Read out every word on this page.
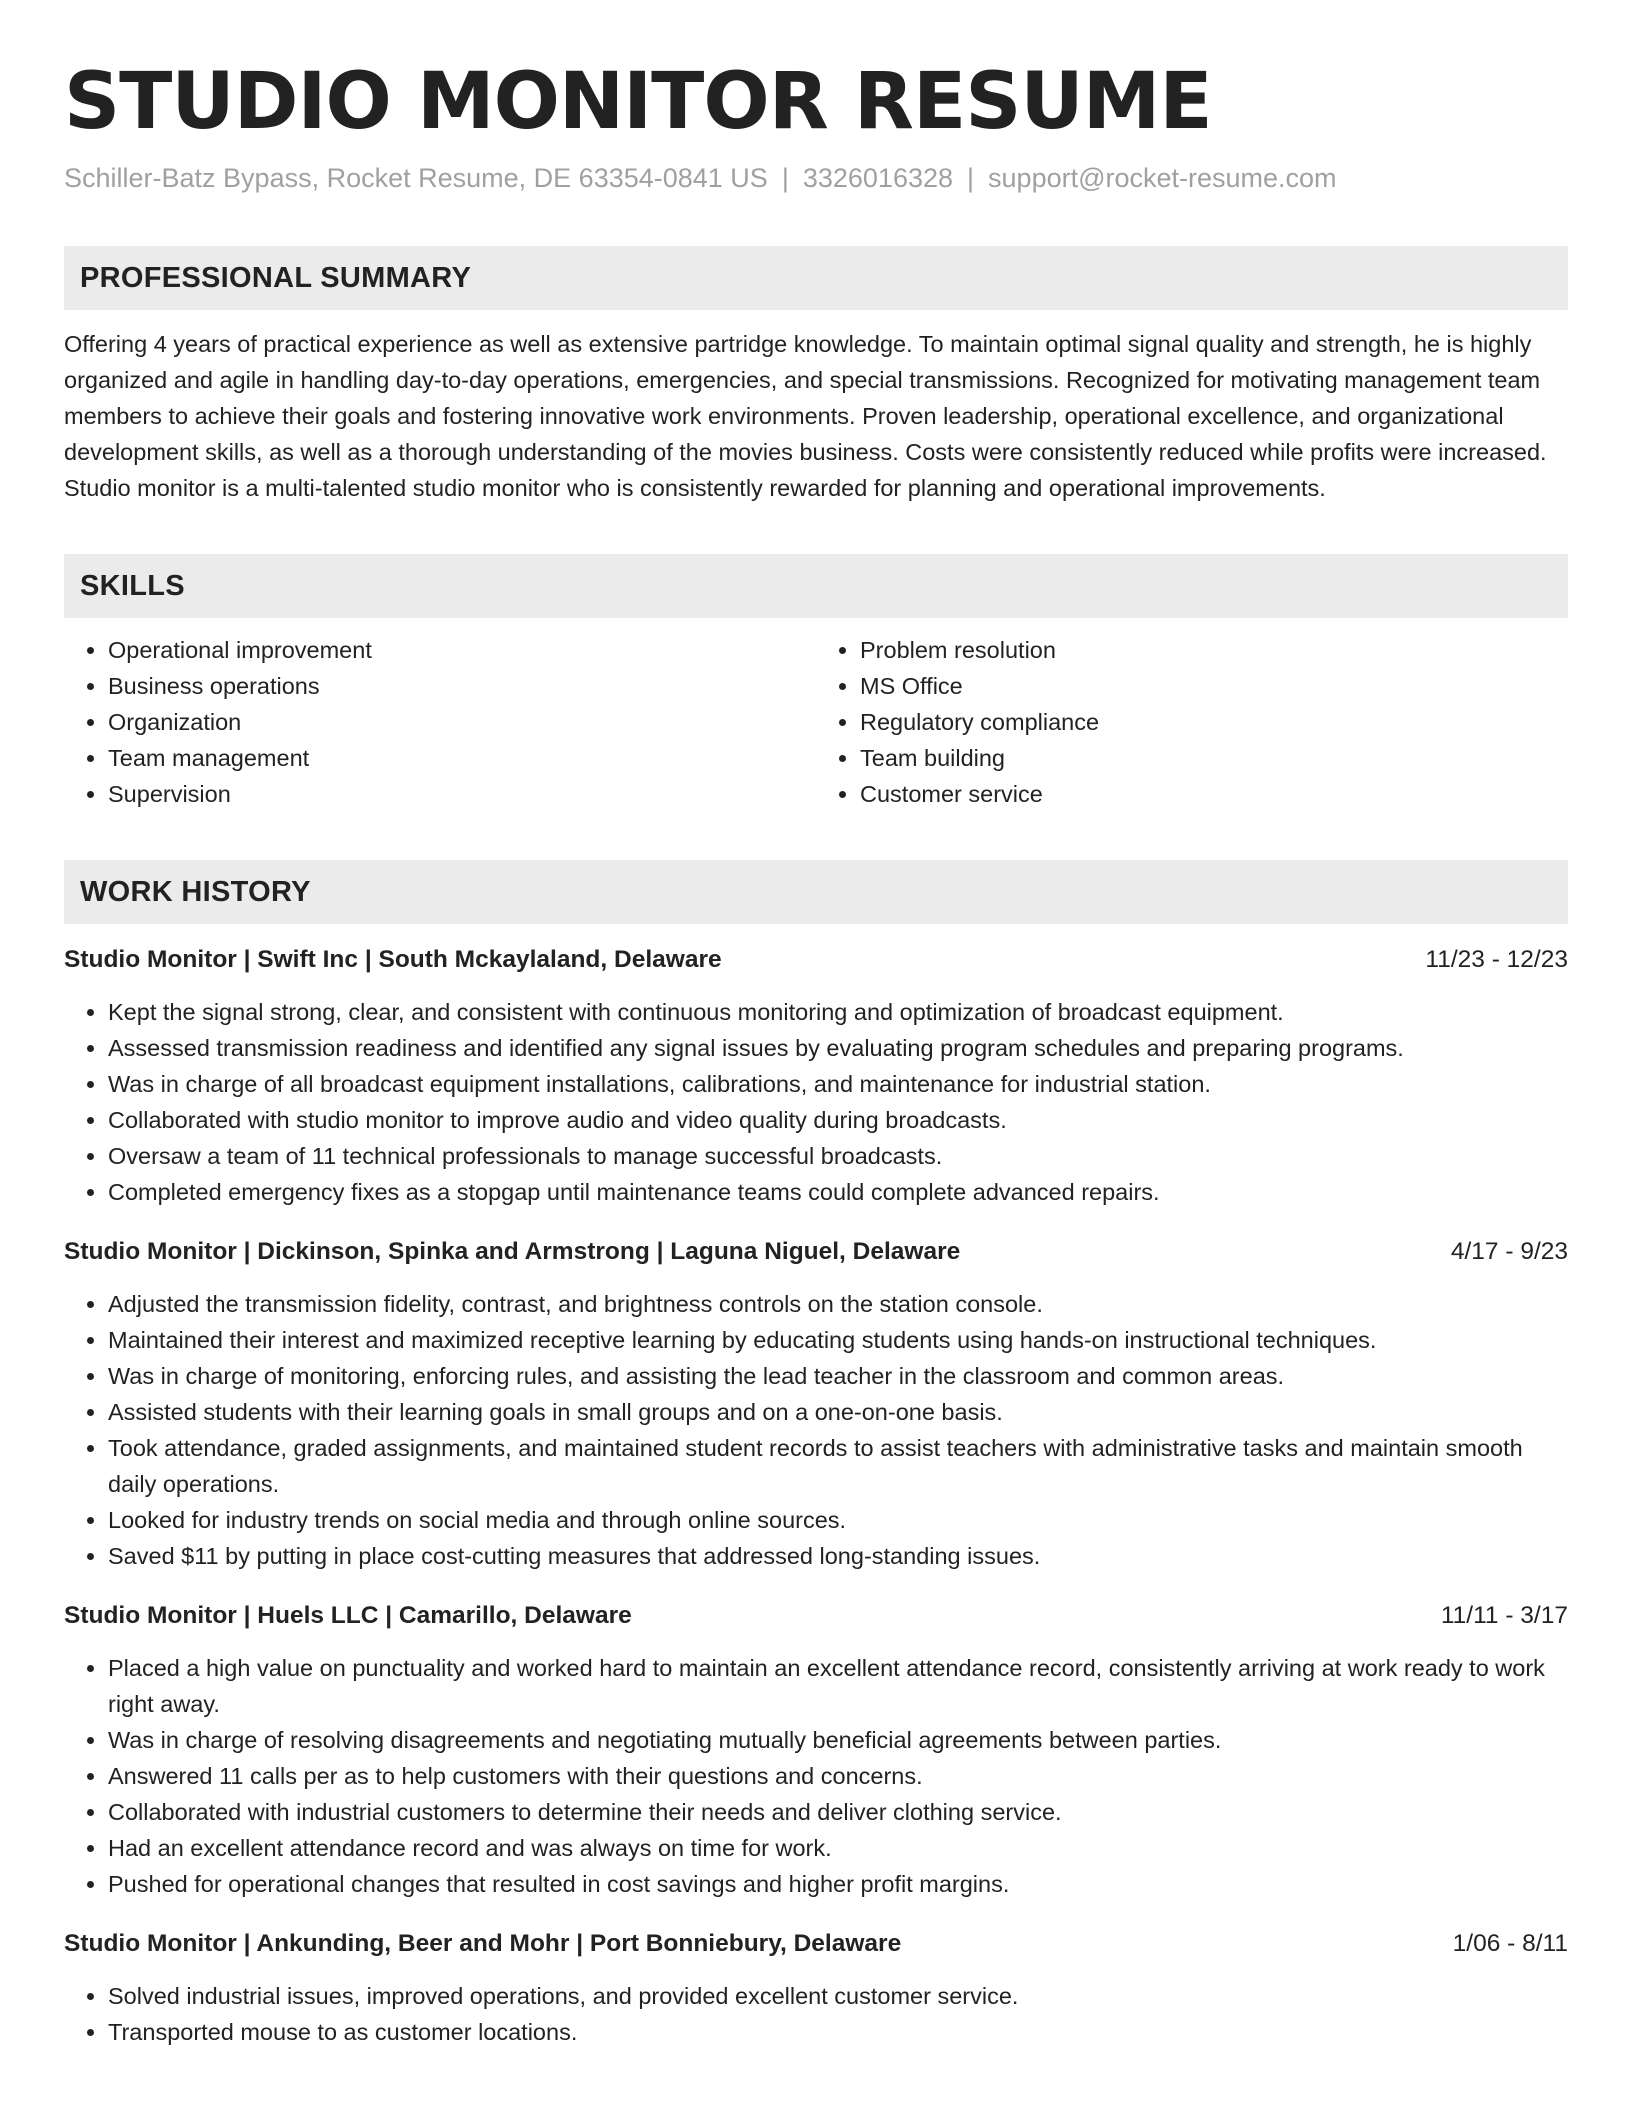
STUDIO MONITOR RESUME
Schiller-Batz Bypass, Rocket Resume, DE 63354-0841 US | 3326016328 | support@rocket-resume.com
PROFESSIONAL SUMMARY
Offering 4 years of practical experience as well as extensive partridge knowledge. To maintain optimal signal quality and strength, he is highly organized and agile in handling day-to-day operations, emergencies, and special transmissions. Recognized for motivating management team members to achieve their goals and fostering innovative work environments. Proven leadership, operational excellence, and organizational development skills, as well as a thorough understanding of the movies business. Costs were consistently reduced while profits were increased. Studio monitor is a multi-talented studio monitor who is consistently rewarded for planning and operational improvements.
SKILLS
• Operational improvement
• Business operations
• Organization
• Team management
• Supervision
• Problem resolution
• MS Office
• Regulatory compliance
• Team building
• Customer service
WORK HISTORY
Studio Monitor | Swift Inc | South Mckaylaland, Delaware	11/23 - 12/23
• Kept the signal strong, clear, and consistent with continuous monitoring and optimization of broadcast equipment.
• Assessed transmission readiness and identified any signal issues by evaluating program schedules and preparing programs.
• Was in charge of all broadcast equipment installations, calibrations, and maintenance for industrial station.
• Collaborated with studio monitor to improve audio and video quality during broadcasts.
• Oversaw a team of 11 technical professionals to manage successful broadcasts.
• Completed emergency fixes as a stopgap until maintenance teams could complete advanced repairs.
Studio Monitor | Dickinson, Spinka and Armstrong | Laguna Niguel, Delaware	4/17 - 9/23
• Adjusted the transmission fidelity, contrast, and brightness controls on the station console.
• Maintained their interest and maximized receptive learning by educating students using hands-on instructional techniques.
• Was in charge of monitoring, enforcing rules, and assisting the lead teacher in the classroom and common areas.
• Assisted students with their learning goals in small groups and on a one-on-one basis.
• Took attendance, graded assignments, and maintained student records to assist teachers with administrative tasks and maintain smooth daily operations.
• Looked for industry trends on social media and through online sources.
• Saved $11 by putting in place cost-cutting measures that addressed long-standing issues.
Studio Monitor | Huels LLC | Camarillo, Delaware	11/11 - 3/17
• Placed a high value on punctuality and worked hard to maintain an excellent attendance record, consistently arriving at work ready to work right away.
• Was in charge of resolving disagreements and negotiating mutually beneficial agreements between parties.
• Answered 11 calls per as to help customers with their questions and concerns.
• Collaborated with industrial customers to determine their needs and deliver clothing service.
• Had an excellent attendance record and was always on time for work.
• Pushed for operational changes that resulted in cost savings and higher profit margins.
Studio Monitor | Ankunding, Beer and Mohr | Port Bonniebury, Delaware	1/06 - 8/11
• Solved industrial issues, improved operations, and provided excellent customer service.
• Transported mouse to as customer locations.
